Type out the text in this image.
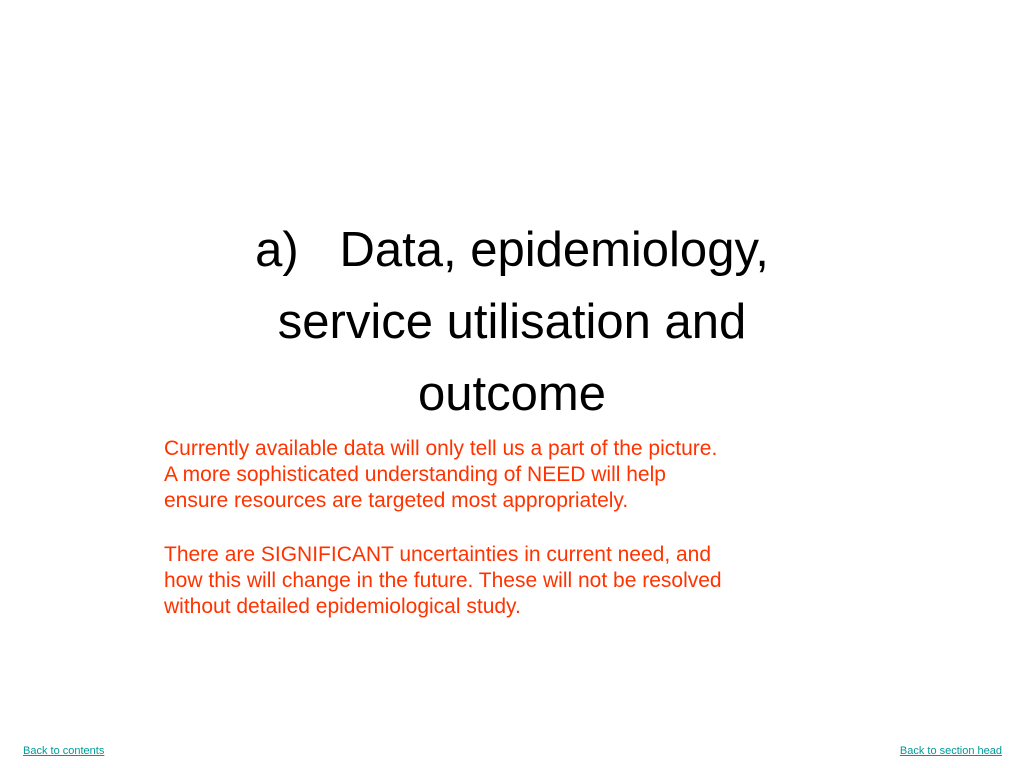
a)   Data, epidemiology,
service utilisation and
outcome

Currently available data will only tell us a part of the picture.
A more sophisticated understanding of NEED will help
ensure resources are targeted most appropriately.

There are SIGNIFICANT uncertainties in current need, and
how this will change in the future. These will not be resolved
without detailed epidemiological study.

Back to contents	Back to section head
